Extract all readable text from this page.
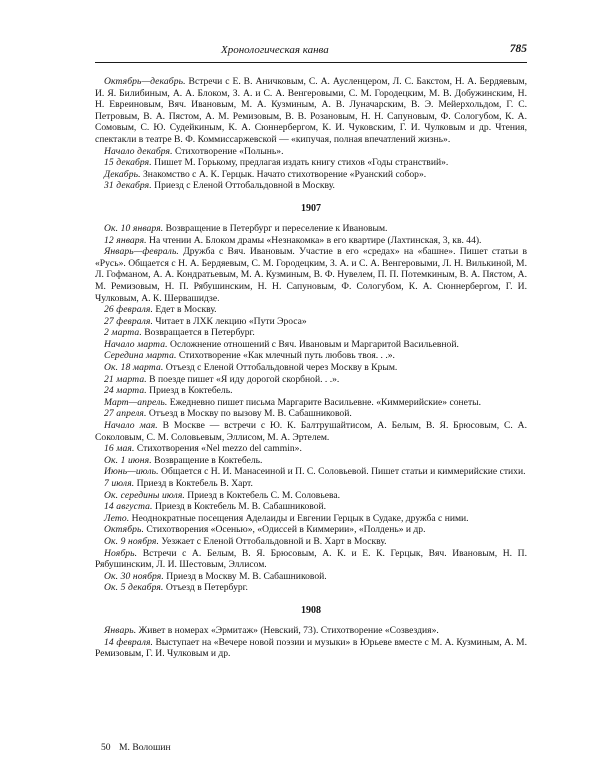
Хронологическая канва	785

Октябрь—декабрь. Встречи с Е. В. Аничковым, С. А. Аусленцером, Л. С. Бакстом, Н. А. Бердяевым, И. Я. Билибиным, А. А. Блоком, З. А. и С. А. Венгеровыми, С. М. Городецким, М. В. Добужинским, Н. Н. Евреиновым, Вяч. Ивановым, М. А. Кузминым, А. В. Луначарским, В. Э. Мейерхольдом, Г. С. Петровым, В. А. Пястом, А. М. Ремизовым, В. В. Розановым, Н. Н. Сапуновым, Ф. Сологубом, К. А. Сомовым, С. Ю. Судейкиным, К. А. Сюннербергом, К. И. Чуковским, Г. И. Чулковым и др. Чтения, спектакли в театре В. Ф. Коммиссаржевской — «кипучая, полная впечатлений жизнь».

Начало декабря. Стихотворение «Полынь».

15 декабря. Пишет М. Горькому, предлагая издать книгу стихов «Годы странствий».

Декабрь. Знакомство с А. К. Герцык. Начато стихотворение «Руанский собор».

31 декабря. Приезд с Еленой Оттобальдовной в Москву.

1907

Ок. 10 января. Возвращение в Петербург и переселение к Ивановым.

12 января. На чтении А. Блоком драмы «Незнакомка» в его квартире (Лахтинская, 3, кв. 44).

Январь—февраль. Дружба с Вяч. Ивановым. Участие в его «средах» на «башне». Пишет статьи в «Русь». Общается с Н. А. Бердяевым, С. М. Городецким, З. А. и С. А. Венгеровыми, Л. Н. Вилькиной, М. Л. Гофманом, А. А. Кондратьевым, М. А. Кузминым, В. Ф. Нувелем, П. П. Потемкиным, В. А. Пястом, А. М. Ремизовым, Н. П. Рябушинским, Н. Н. Сапуновым, Ф. Сологубом, К. А. Сюннербергом, Г. И. Чулковым, А. К. Шервашидзе.

26 февраля. Едет в Москву.

27 февраля. Читает в ЛХК лекцию «Пути Эроса»

2 марта. Возвращается в Петербург.

Начало марта. Осложнение отношений с Вяч. Ивановым и Маргаритой Васильевной.

Середина марта. Стихотворение «Как млечный путь любовь твоя. . .».

Ок. 18 марта. Отъезд с Еленой Оттобальдовной через Москву в Крым.

21 марта. В поезде пишет «Я иду дорогой скорбной. . .».

24 марта. Приезд в Коктебель.

Март—апрель. Ежедневно пишет письма Маргарите Васильевне. «Киммерийские» сонеты.

27 апреля. Отъезд в Москву по вызову М. В. Сабашниковой.

Начало мая. В Москве — встречи с Ю. К. Балтрушайтисом, А. Белым, В. Я. Брюсовым, С. А. Соколовым, С. М. Соловьевым, Эллисом, М. А. Эртелем.

16 мая. Стихотворения «Nel mezzo del cammin».

Ок. 1 июня. Возвращение в Коктебель.

Июнь—июль. Общается с Н. И. Манасеиной и П. С. Соловьевой. Пишет статьи и киммерийские стихи.

7 июля. Приезд в Коктебель В. Харт.

Ок. середины июля. Приезд в Коктебель С. М. Соловьева.

14 августа. Приезд в Коктебель М. В. Сабашниковой.

Лето. Неоднократные посещения Аделаиды и Евгении Герцык в Судаке, дружба с ними.

Октябрь. Стихотворения «Осенью», «Одиссей в Киммерии», «Полдень» и др.

Ок. 9 ноября. Уезжает с Еленой Оттобальдовной и В. Харт в Москву.

Ноябрь. Встречи с А. Белым, В. Я. Брюсовым, А. К. и Е. К. Герцык, Вяч. Ивановым, Н. П. Рябушинским, Л. И. Шестовым, Эллисом.

Ок. 30 ноября. Приезд в Москву М. В. Сабашниковой.

Ок. 5 декабря. Отъезд в Петербург.

1908

Январь. Живет в номерах «Эрмитаж» (Невский, 73). Стихотворение «Созвездия».

14 февраля. Выступает на «Вечере новой поэзии и музыки» в Юрьеве вместе с М. А. Кузминым, А. М. Ремизовым, Г. И. Чулковым и др.

50 М. Волошин
